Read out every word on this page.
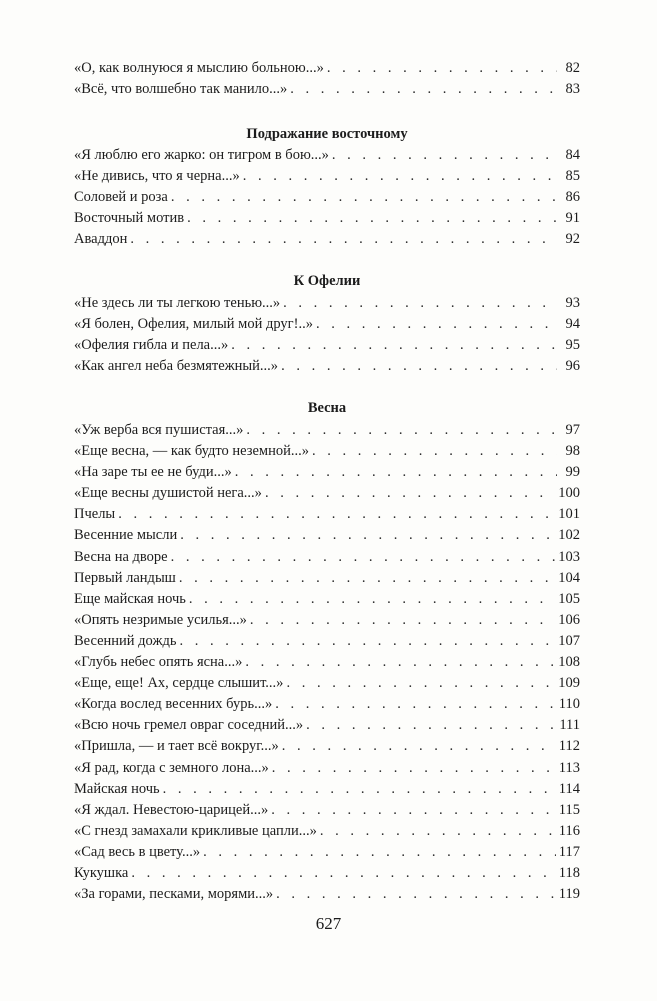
«О, как волнуюся я мыслию больною...» . . .	82
«Всё, что волшебно так манило...» . . .	83
Подражание восточному
«Я люблю его жарко: он тигром в бою...» . . .	84
«Не дивись, что я черна...» . . .	85
Соловей и роза . . .	86
Восточный мотив . . .	91
Аваддон . . .	92
К Офелии
«Не здесь ли ты легкою тенью...» . . .	93
«Я болен, Офелия, милый мой друг!..» . . .	94
«Офелия гибла и пела...» . . .	95
«Как ангел неба безмятежный...» . . .	96
Весна
«Уж верба вся пушистая...» . . .	97
«Еще весна, — как будто неземной...» . . .	98
«На заре ты ее не буди...» . . .	99
«Еще весны душистой нега...» . . .	100
Пчелы . . .	101
Весенние мысли . . .	102
Весна на дворе . . .	103
Первый ландыш . . .	104
Еще майская ночь . . .	105
«Опять незримые усилья...» . . .	106
Весенний дождь . . .	107
«Глубь небес опять ясна...» . . .	108
«Еще, еще! Ах, сердце слышит...» . . .	109
«Когда вослед весенних бурь...» . . .	110
«Всю ночь гремел овраг соседний...» . . .	111
«Пришла, — и тает всё вокруг...» . . .	112
«Я рад, когда с земного лона...» . . .	113
Майская ночь . . .	114
«Я ждал. Невестою-царицей...» . . .	115
«С гнезд замахали крикливые цапли...» . . .	116
«Сад весь в цвету...» . . .	117
Кукушка . . .	118
«За горами, песками, морями...» . . .	119
627
